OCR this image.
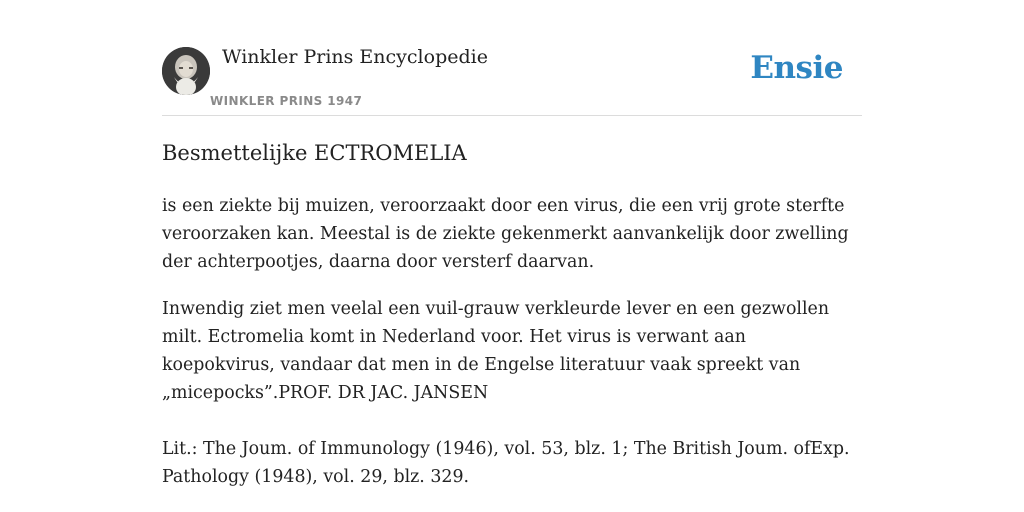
Winkler Prins Encyclopedie
WINKLER PRINS 1947
Ensie
Besmettelijke ECTROMELIA

is een ziekte bij muizen, veroorzaakt door een virus, die een vrij grote sterfte veroorzaken kan. Meestal is de ziekte gekenmerkt aanvankelijk door zwelling der achterpootjes, daarna door versterf daarvan.

Inwendig ziet men veelal een vuil-grauw verkleurde lever en een gezwollen milt. Ectromelia komt in Nederland voor. Het virus is verwant aan koepokvirus, vandaar dat men in de Engelse literatuur vaak spreekt van „micepocks”.PROF. DR JAC. JANSEN

Lit.: The Joum. of Immunology (1946), vol. 53, blz. 1; The British Joum. ofExp. Pathology (1948), vol. 29, blz. 329.
